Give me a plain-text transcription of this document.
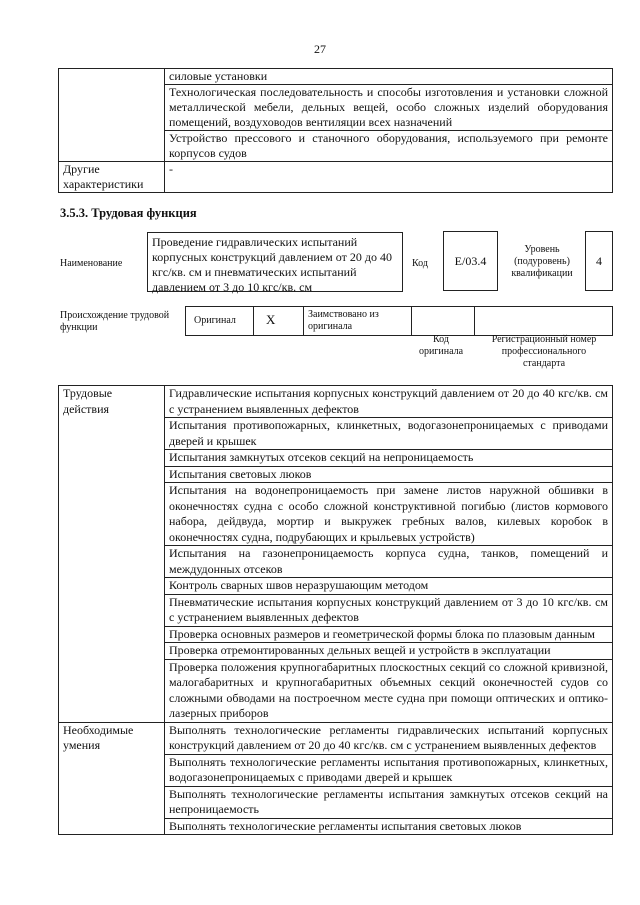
27
	силовые установки
	Технологическая последовательность и способы изготовления и установки сложной металлической мебели, дельных вещей, особо сложных изделий оборудования помещений, воздуховодов вентиляции всех назначений
	Устройство прессового и станочного оборудования, используемого при ремонте корпусов судов
Другие характеристики	-
3.5.3. Трудовая функция
Наименование
Проведение гидравлических испытаний корпусных конструкций давлением от 20 до 40 кгс/кв. см и пневматических испытаний давлением от 3 до 10 кгс/кв. см
Код E/03.4
Уровень (подуровень) квалификации
4
Происхождение трудовой функции
Оригинал X	Заимствовано из оригинала
Код оригинала
Регистрационный номер профессионального стандарта
Трудовые действия	Гидравлические испытания корпусных конструкций давлением от 20 до 40 кгс/кв. см с устранением выявленных дефектов
	Испытания противопожарных, клинкетных, водогазонепроницаемых с приводами дверей и крышек
	Испытания замкнутых отсеков секций на непроницаемость
	Испытания световых люков
	Испытания на водонепроницаемость при замене листов наружной обшивки в оконечностях судна с особо сложной конструктивной погибью (листов кормового набора, дейдвуда, мортир и выкружек гребных валов, килевых коробок в оконечностях судна, подрубающих и крыльевых устройств)
	Испытания на газонепроницаемость корпуса судна, танков, помещений и междудонных отсеков
	Контроль сварных швов неразрушающим методом
	Пневматические испытания корпусных конструкций давлением от 3 до 10 кгс/кв. см с устранением выявленных дефектов
	Проверка основных размеров и геометрической формы блока по плазовым данным
	Проверка отремонтированных дельных вещей и устройств в эксплуатации
	Проверка положения крупногабаритных плоскостных секций со сложной кривизной, малогабаритных и крупногабаритных объемных секций оконечностей судов со сложными обводами на построечном месте судна при помощи оптических и оптико-лазерных приборов
Необходимые умения	Выполнять технологические регламенты гидравлических испытаний корпусных конструкций давлением от 20 до 40 кгс/кв. см с устранением выявленных дефектов
	Выполнять технологические регламенты испытания противопожарных, клинкетных, водогазонепроницаемых с приводами дверей и крышек
	Выполнять технологические регламенты испытания замкнутых отсеков секций на непроницаемость
	Выполнять технологические регламенты испытания световых люков
